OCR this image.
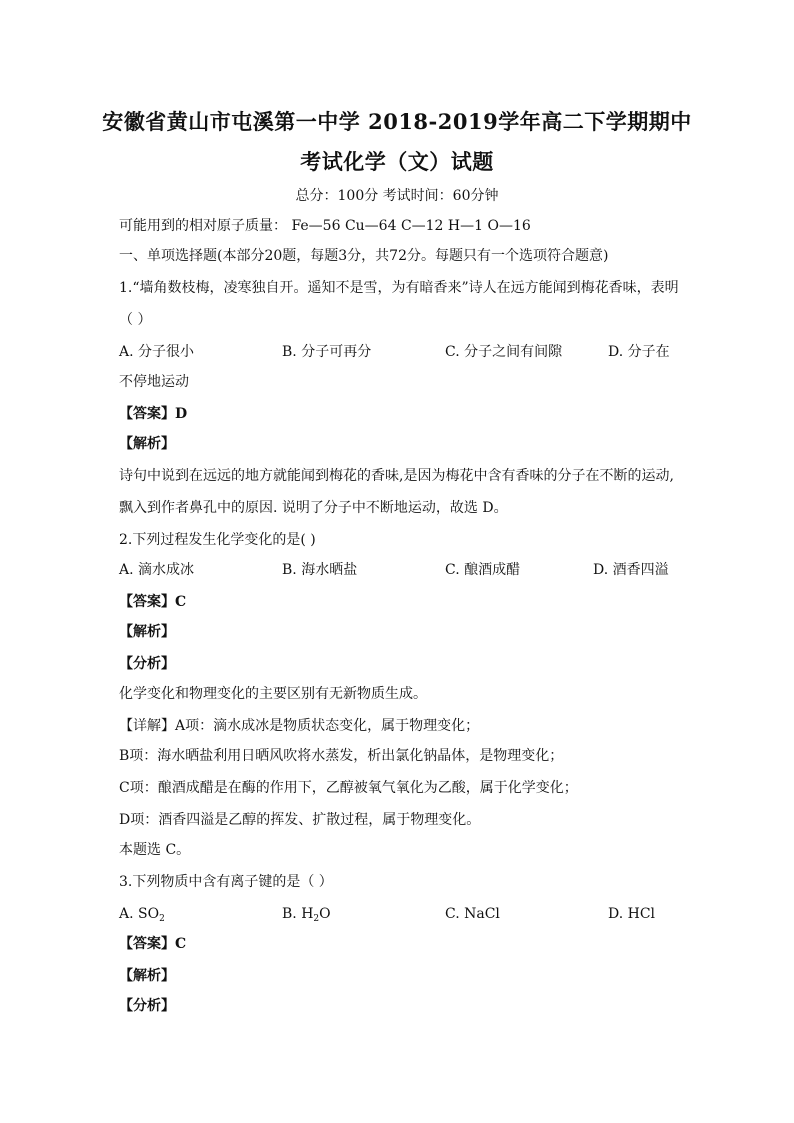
安徽省黄山市屯溪第一中学 2018-2019学年高二下学期期中
考试化学（文）试题
总分：100分 考试时间：60分钟
可能用到的相对原子质量： Fe—56 Cu—64 C—12 H—1 O—16
一、单项选择题(本部分20题，每题3分，共72分。每题只有一个选项符合题意)
1.“墙角数枝梅，凌寒独自开。遥知不是雪，为有暗香来”诗人在远方能闻到梅花香味，表明
（ ）
A. 分子很小	B. 分子可再分	C. 分子之间有间隙	D. 分子在
不停地运动
【答案】D
【解析】
诗句中说到在远远的地方就能闻到梅花的香味,是因为梅花中含有香味的分子在不断的运动,
飘入到作者鼻孔中的原因. 说明了分子中不断地运动，故选 D。
2.下列过程发生化学变化的是( )
A. 滴水成冰	B. 海水晒盐	C. 酿酒成醋	D. 酒香四溢
【答案】C
【解析】
【分析】
化学变化和物理变化的主要区别有无新物质生成。
【详解】A项：滴水成冰是物质状态变化，属于物理变化；
B项：海水晒盐利用日晒风吹将水蒸发，析出氯化钠晶体，是物理变化；
C项：酿酒成醋是在酶的作用下，乙醇被氧气氧化为乙酸，属于化学变化；
D项：酒香四溢是乙醇的挥发、扩散过程，属于物理变化。
本题选 C。
3.下列物质中含有离子键的是（ ）
A. $SO_2$	B. $H_2O$	C. NaCl	D. HCl
【答案】C
【解析】
【分析】
